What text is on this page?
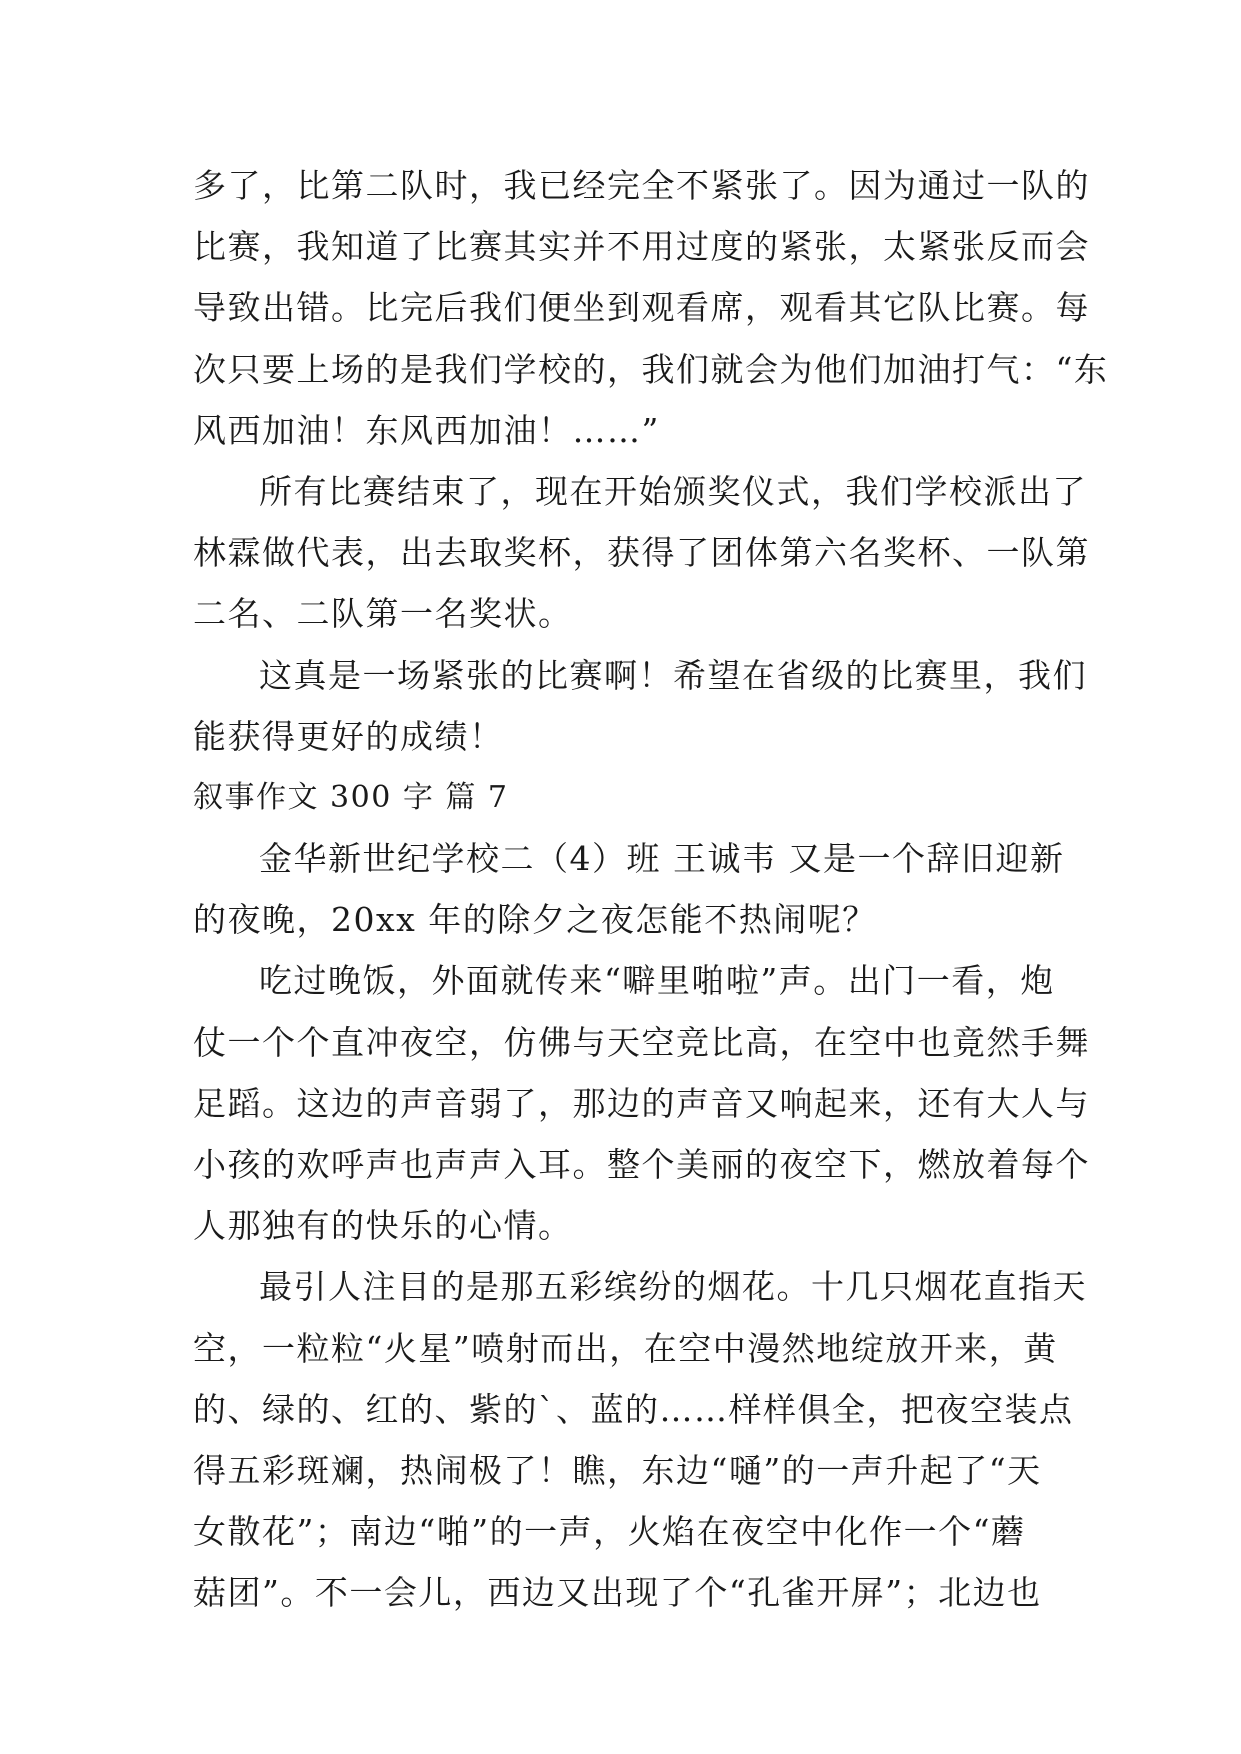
多了，比第二队时，我已经完全不紧张了。因为通过一队的
比赛，我知道了比赛其实并不用过度的紧张，太紧张反而会
导致出错。比完后我们便坐到观看席，观看其它队比赛。每
次只要上场的是我们学校的，我们就会为他们加油打气：“东
风西加油！东风西加油！……”
所有比赛结束了，现在开始颁奖仪式，我们学校派出了
林霖做代表，出去取奖杯，获得了团体第六名奖杯、一队第
二名、二队第一名奖状。
这真是一场紧张的比赛啊！希望在省级的比赛里，我们
能获得更好的成绩！
叙事作文 300 字 篇 7
金华新世纪学校二（4）班 王诚韦 又是一个辞旧迎新
的夜晚，20xx 年的除夕之夜怎能不热闹呢？
吃过晚饭，外面就传来“噼里啪啦”声。出门一看，炮
仗一个个直冲夜空，仿佛与天空竞比高，在空中也竟然手舞
足蹈。这边的声音弱了，那边的声音又响起来，还有大人与
小孩的欢呼声也声声入耳。整个美丽的夜空下，燃放着每个
人那独有的快乐的心情。
最引人注目的是那五彩缤纷的烟花。十几只烟花直指天
空，一粒粒“火星”喷射而出，在空中漫然地绽放开来，黄
的、绿的、红的、紫的`、蓝的……样样俱全，把夜空装点
得五彩斑斓，热闹极了！瞧，东边“嗵”的一声升起了“天
女散花”；南边“啪”的一声，火焰在夜空中化作一个“蘑
菇团”。不一会儿，西边又出现了个“孔雀开屏”；北边也
